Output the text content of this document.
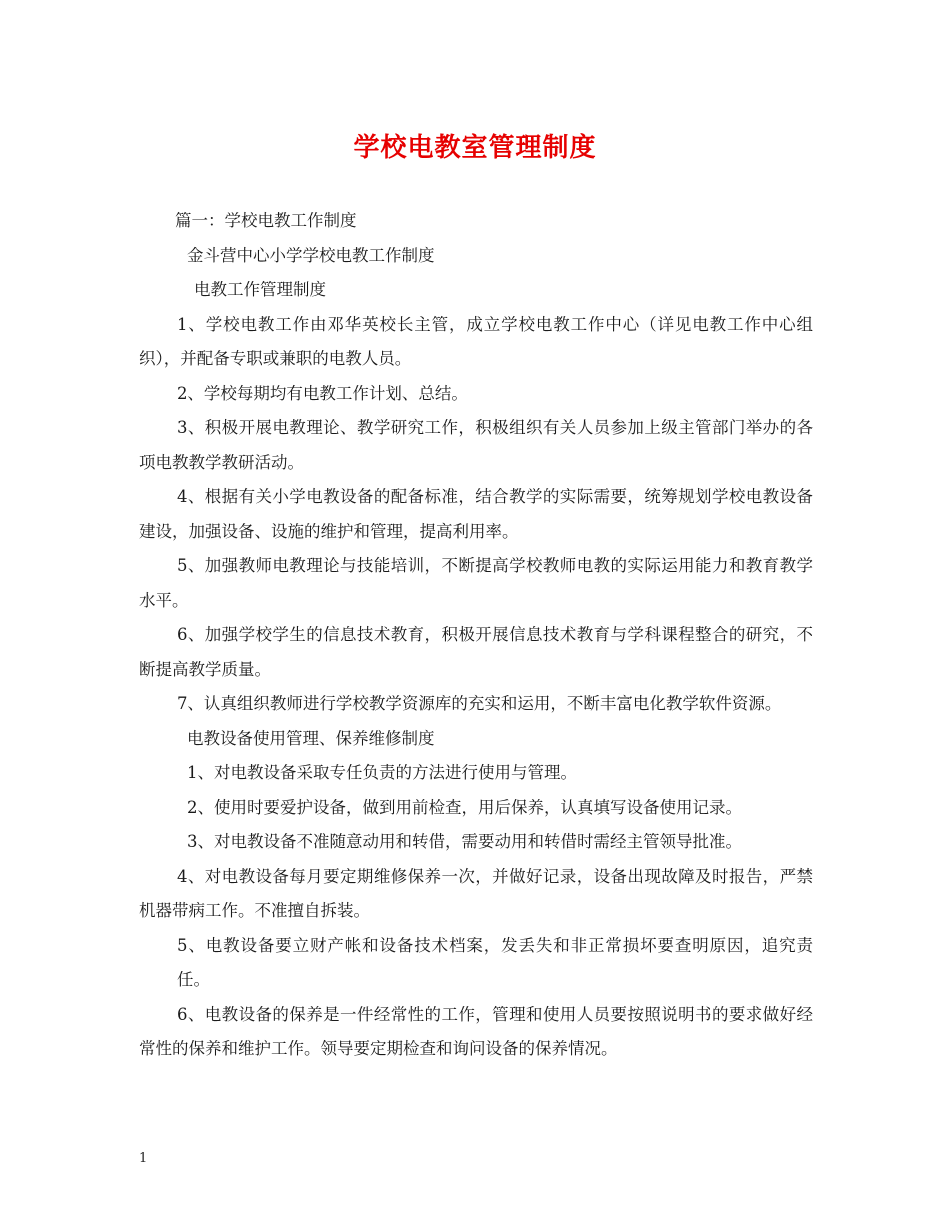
学校电教室管理制度

篇一：学校电教工作制度

金斗营中心小学学校电教工作制度

电教工作管理制度

1、学校电教工作由邓华英校长主管，成立学校电教工作中心（详见电教工作中心组织），并配备专职或兼职的电教人员。

2、学校每期均有电教工作计划、总结。

3、积极开展电教理论、教学研究工作，积极组织有关人员参加上级主管部门举办的各项电教教学教研活动。

4、根据有关小学电教设备的配备标准，结合教学的实际需要，统筹规划学校电教设备建设，加强设备、设施的维护和管理，提高利用率。

5、加强教师电教理论与技能培训，不断提高学校教师电教的实际运用能力和教育教学水平。

6、加强学校学生的信息技术教育，积极开展信息技术教育与学科课程整合的研究，不断提高教学质量。

7、认真组织教师进行学校教学资源库的充实和运用，不断丰富电化教学软件资源。

电教设备使用管理、保养维修制度

1、对电教设备采取专任负责的方法进行使用与管理。

2、使用时要爱护设备，做到用前检查，用后保养，认真填写设备使用记录。

3、对电教设备不准随意动用和转借，需要动用和转借时需经主管领导批准。

4、对电教设备每月要定期维修保养一次，并做好记录，设备出现故障及时报告，严禁机器带病工作。不准擅自拆装。

5、电教设备要立财产帐和设备技术档案，发丢失和非正常损坏要查明原因，追究责任。

6、电教设备的保养是一件经常性的工作，管理和使用人员要按照说明书的要求做好经常性的保养和维护工作。领导要定期检查和询问设备的保养情况。

1
